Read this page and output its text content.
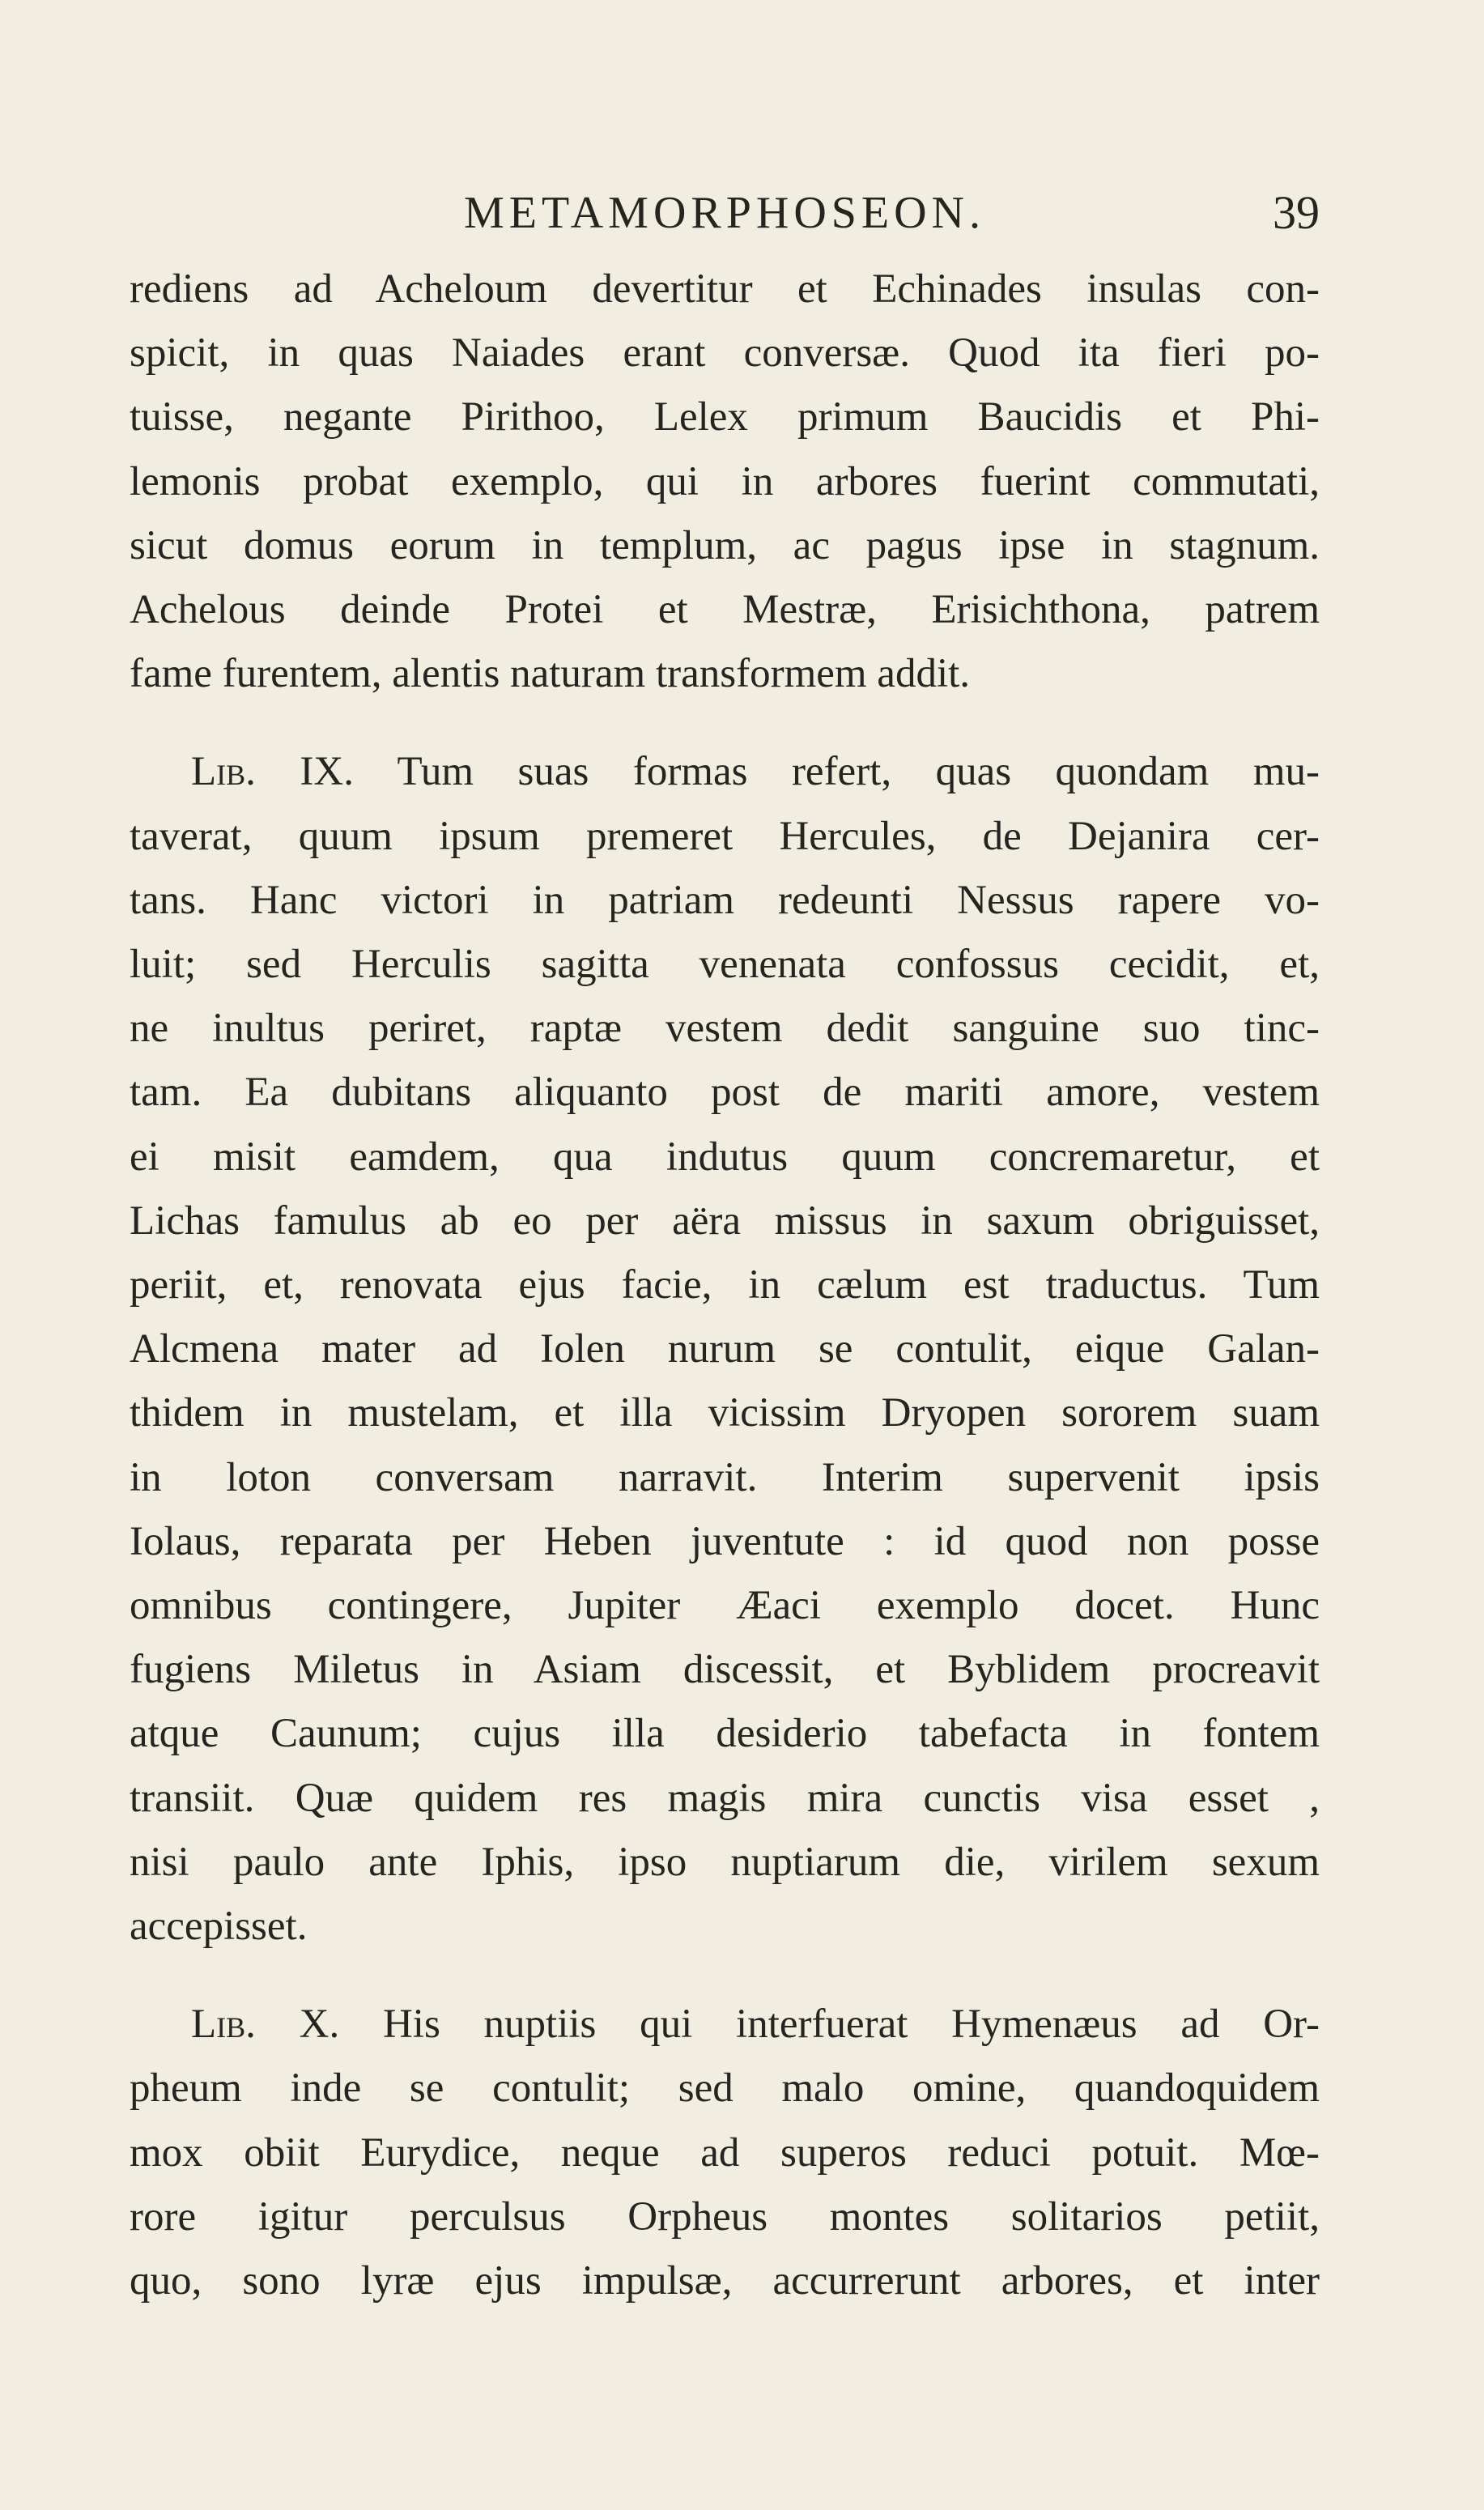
METAMORPHOSEON.	39
rediens ad Acheloum devertitur et Echinades insulas con-
spicit, in quas Naiades erant conversæ. Quod ita fieri po-
tuisse, negante Pirithoo, Lelex primum Baucidis et Phi-
lemonis probat exemplo, qui in arbores fuerint commutati,
sicut domus eorum in templum, ac pagus ipse in stagnum.
Achelous deinde Protei et Mestræ, Erisichthona, patrem
fame furentem, alentis naturam transformem addit.
Lib. IX. Tum suas formas refert, quas quondam mu-
taverat, quum ipsum premeret Hercules, de Dejanira cer-
tans. Hanc victori in patriam redeunti Nessus rapere vo-
luit; sed Herculis sagitta venenata confossus cecidit, et,
ne inultus periret, raptæ vestem dedit sanguine suo tinc-
tam. Ea dubitans aliquanto post de mariti amore, vestem
ei misit eamdem, qua indutus quum concremaretur, et
Lichas famulus ab eo per aëra missus in saxum obriguisset,
periit, et, renovata ejus facie, in cælum est traductus. Tum
Alcmena mater ad Iolen nurum se contulit, eique Galan-
thidem in mustelam, et illa vicissim Dryopen sororem suam
in loton conversam narravit. Interim supervenit ipsis
Iolaus, reparata per Heben juventute : id quod non posse
omnibus contingere, Jupiter Æaci exemplo docet. Hunc
fugiens Miletus in Asiam discessit, et Byblidem procreavit
atque Caunum; cujus illa desiderio tabefacta in fontem
transiit. Quæ quidem res magis mira cunctis visa esset ,
nisi paulo ante Iphis, ipso nuptiarum die, virilem sexum
accepisset.
Lib. X. His nuptiis qui interfuerat Hymenæus ad Or-
pheum inde se contulit; sed malo omine, quandoquidem
mox obiit Eurydice, neque ad superos reduci potuit. Mœ-
rore igitur perculsus Orpheus montes solitarios petiit,
quo, sono lyræ ejus impulsæ, accurrerunt arbores, et inter
